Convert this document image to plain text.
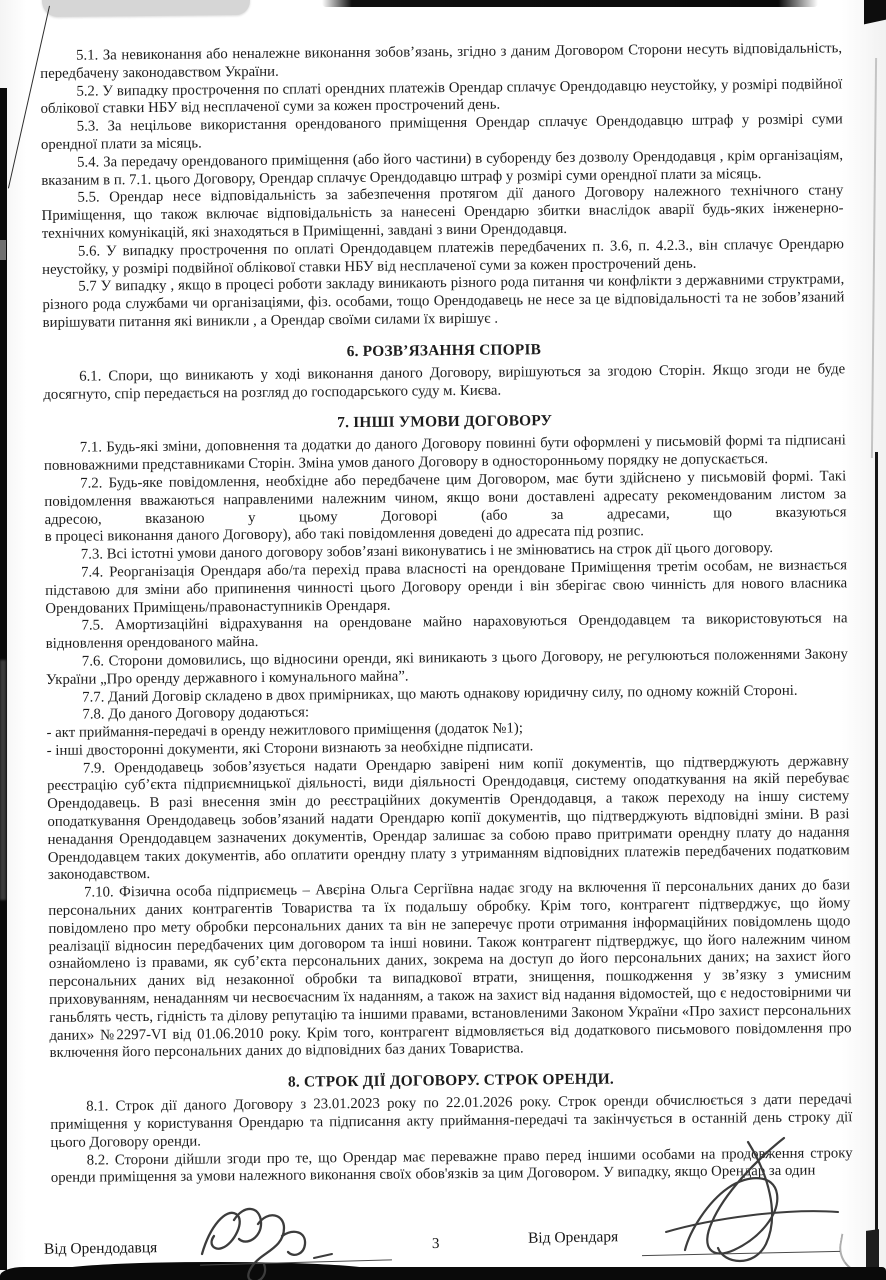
5.1. За невиконання або неналежне виконання зобов’язань, згідно з даним Договором Сторони несуть відповідальність, передбачену законодавством України.

5.2. У випадку прострочення по сплаті орендних платежів Орендар сплачує Орендодавцю неустойку, у розмірі подвійної облікової ставки НБУ від несплаченої суми за кожен прострочений день.

5.3. За нецільове використання орендованого приміщення Орендар сплачує Орендодавцю штраф у розмірі суми орендної плати за місяць.

5.4. За передачу орендованого приміщення (або його частини) в суборенду без дозволу Орендодавця , крім організаціям, вказаним в п. 7.1. цього Договору, Орендар сплачує Орендодавцю штраф у розмірі суми орендної плати за місяць.

5.5. Орендар несе відповідальність за забезпечення протягом дії даного Договору належного технічного стану Приміщення, що також включає відповідальність за нанесені Орендарю збитки внаслідок аварії будь-яких інженерно-технічних комунікацій, які знаходяться в Приміщенні, завдані з вини Орендодавця.

5.6. У випадку прострочення по оплаті Орендодавцем платежів передбачених п. 3.6, п. 4.2.3., він сплачує Орендарю неустойку, у розмірі подвійної облікової ставки НБУ від несплаченої суми за кожен прострочений день.

5.7 У випадку , якщо в процесі роботи закладу виникають різного рода питання чи конфлікти з державними структрами, різного рода службами чи організаціями, фіз. особами, тощо Орендодавець не несе за це відповідальності та не зобов’язаний вирішувати питання які виникли , а Орендар своїми силами їх вирішує .

6. РОЗВ’ЯЗАННЯ СПОРІВ

6.1. Спори, що виникають у ході виконання даного Договору, вирішуються за згодою Сторін. Якщо згоди не буде досягнуто, спір передається на розгляд до господарського суду м. Києва.

7. ІНШІ УМОВИ ДОГОВОРУ

7.1. Будь-які зміни, доповнення та додатки до даного Договору повинні бути оформлені у письмовій формі та підписані повноважними представниками Сторін. Зміна умов даного Договору в односторонньому порядку не допускається.

7.2. Будь-яке повідомлення, необхідне або передбачене цим Договором, має бути здійснено у письмовій формі. Такі повідомлення вважаються направленими належним чином, якщо вони доставлені адресату рекомендованим листом за

адресою, вказаною у цьому Договорі (або за адресами, що вказуються

в процесі виконання даного Договору), або такі повідомлення доведені до адресата під розпис.

7.3. Всі істотні умови даного договору зобов’язані виконуватись і не змінюватись на строк дії цього договору.

7.4. Реорганізація Орендаря або/та перехід права власності на орендоване Приміщення третім особам, не визнається підставою для зміни або припинення чинності цього Договору оренди і він зберігає свою чинність для нового власника Орендованих Приміщень/правонаступників Орендаря.

7.5. Амортизаційні відрахування на орендоване майно нараховуються Орендодавцем та використовуються на відновлення орендованого майна.

7.6. Сторони домовились, що відносини оренди, які виникають з цього Договору, не регулюються положеннями Закону України „Про оренду державного і комунального майна”.

7.7. Даний Договір складено в двох примірниках, що мають однакову юридичну силу, по одному кожній Стороні.

7.8. До даного Договору додаються:

- акт приймання-передачі в оренду нежитлового приміщення (додаток №1);

- інші двосторонні документи, які Сторони визнають за необхідне підписати.

7.9. Орендодавець зобов’язується надати Орендарю завірені ним копії документів, що підтверджують державну реєстрацію суб’єкта підприємницької діяльності, види діяльності Орендодавця, систему оподаткування на якій перебуває Орендодавець. В разі внесення змін до реєстраційних документів Орендодавця, а також переходу на іншу систему оподаткування Орендодавець зобов’язаний надати Орендарю копії документів, що підтверджують відповідні зміни. В разі ненадання Орендодавцем зазначених документів, Орендар залишає за собою право притримати орендну плату до надання Орендодавцем таких документів, або оплатити орендну плату з утриманням відповідних платежів передбачених податковим законодавством.

7.10. Фізична особа підприємець – Авєріна Ольга Сергіївна надає згоду на включення її персональних даних до бази персональних даних контрагентів Товариства та їх подальшу обробку. Крім того, контрагент підтверджує, що йому повідомлено про мету обробки персональних даних та він не заперечує проти отримання інформаційних повідомлень щодо реалізації відносин передбачених цим договором та інші новини. Також контрагент підтверджує, що його належним чином ознайомлено із правами, як суб’єкта персональних даних, зокрема на доступ до його персональних даних; на захист його персональних даних від незаконної обробки та випадкової втрати, знищення, пошкодження у зв’язку з умисним приховуванням, ненаданням чи несвоєчасним їх наданням, а також на захист від надання відомостей, що є недостовірними чи ганьблять честь, гідність та ділову репутацію та іншими правами, встановленими Законом України «Про захист персональних даних» №2297-VI від 01.06.2010 року. Крім того, контрагент відмовляється від додаткового письмового повідомлення про включення його персональних даних до відповідних баз даних Товариства.

8. СТРОК ДІЇ ДОГОВОРУ. СТРОК ОРЕНДИ.

8.1. Строк дії даного Договору з 23.01.2023 року по 22.01.2026 року. Строк оренди обчислюється з дати передачі приміщення у користування Орендарю та підписання акту приймання-передачі та закінчується в останній день строку дії цього Договору оренди.

8.2. Сторони дійшли згоди про те, що Орендар має переважне право перед іншими особами на продовження строку оренди приміщення за умови належного виконання своїх обов'язків за цим Договором. У випадку, якщо Орендар за один

Від Орендодавця	3	Від Орендаря
